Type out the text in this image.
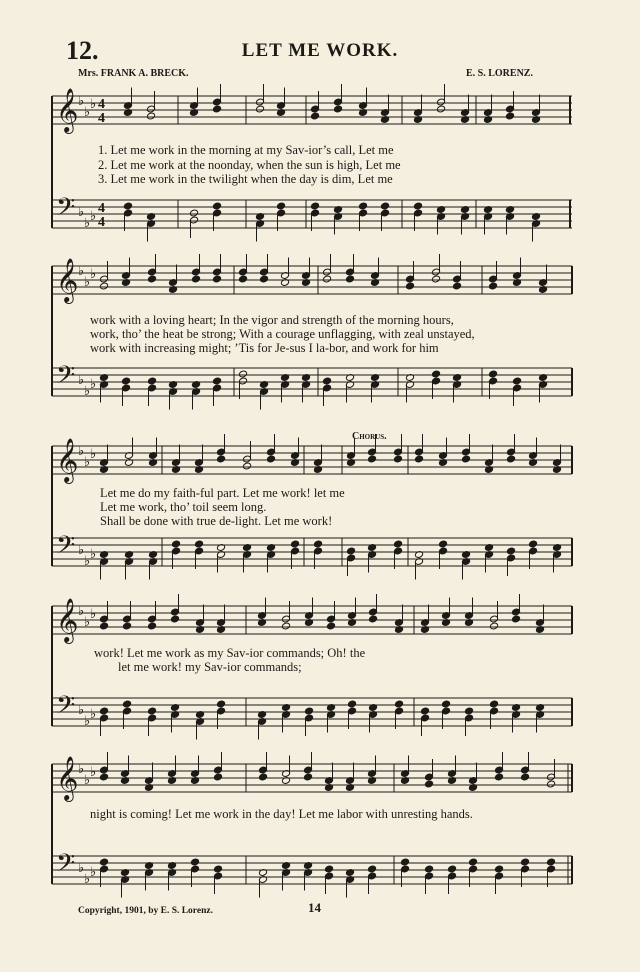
12.	LET ME WORK.
Mrs. FRANK A. BRECK.	E. S. LORENZ.
𝄞 ♭
♭
♭ 4
4
𝄢 ♭
♭ ♭
4
4
𝄞 ♭
♭
♭
𝄢 ♭
♭ ♭
𝄞 ♭
♭
♭
𝄢 ♭
♭ ♭
𝄞 ♭
♭
♭
𝄢 ♭
♭ ♭
𝄞 ♭
♭
♭
𝄢 ♭
♭ ♭
1. Let me work in the morning at my Sav-ior’s call, Let me
2. Let me work at the noonday, when the sun is high, Let me
3. Let me work in the twilight when the day is dim, Let me
work with a loving heart; In the vigor and strength of the morning hours,
work, tho’ the heat be strong; With a courage unflagging, with zeal unstayed,
work with increasing might; ’Tis for Je-sus I la-bor, and work for him
Chorus.
Let me do my faith-ful part. Let me work! let me
Let me work, tho’ toil seem long.
Shall be done with true de-light. Let me work!
work! Let me work as my Sav-ior commands; Oh! the
let me work! my Sav-ior commands;
night is coming! Let me work in the day! Let me labor with unresting hands.
Copyright, 1901, by E. S. Lorenz.	14
